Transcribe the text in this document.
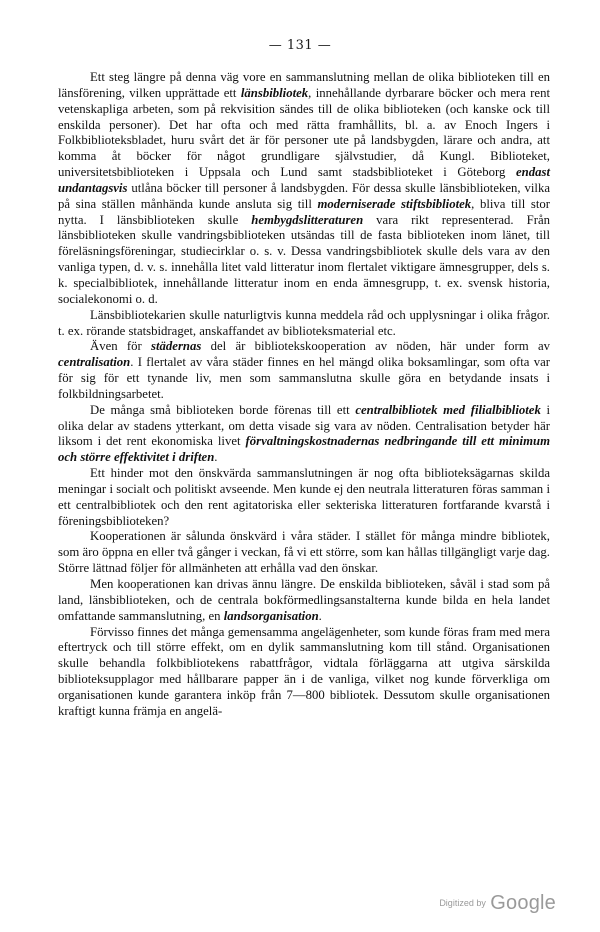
— 131 —

Ett steg längre på denna väg vore en sammanslutning mellan de olika biblioteken till en länsförening, vilken upprättade ett länsbibliotek, innehållande dyrbarare böcker och mera rent vetenskapliga arbeten, som på rekvisition sändes till de olika biblioteken (och kanske ock till enskilda personer). Det har ofta och med rätta framhållits, bl. a. av Enoch Ingers i Folkbiblioteksbladet, huru svårt det är för personer ute på landsbygden, lärare och andra, att komma åt böcker för något grundligare självstudier, då Kungl. Biblioteket, universitetsbiblioteken i Uppsala och Lund samt stadsbiblioteket i Göteborg endast undantagsvis utlåna böcker till personer å landsbygden. För dessa skulle länsbiblioteken, vilka på sina ställen månhända kunde ansluta sig till moderniserade stiftsbibliotek, bliva till stor nytta. I länsbiblioteken skulle hembygdslitteraturen vara rikt representerad. Från länsbiblioteken skulle vandringsbiblioteken utsändas till de fasta biblioteken inom länet, till föreläsningsföreningar, studiecirklar o. s. v. Dessa vandringsbibliotek skulle dels vara av den vanliga typen, d. v. s. innehålla litet vald litteratur inom flertalet viktigare ämnesgrupper, dels s. k. specialbibliotek, innehållande litteratur inom en enda ämnesgrupp, t. ex. svensk historia, socialekonomi o. d.

Länsbibliotekarien skulle naturligtvis kunna meddela råd och upplysningar i olika frågor. t. ex. rörande statsbidraget, anskaffandet av biblioteksmaterial etc.

Även för städernas del är bibliotekskooperation av nöden, här under form av centralisation. I flertalet av våra städer finnes en hel mängd olika boksamlingar, som ofta var för sig för ett tynande liv, men som sammanslutna skulle göra en betydande insats i folkbildningsarbetet.

De många små biblioteken borde förenas till ett centralbibliotek med filialbibliotek i olika delar av stadens ytterkant, om detta visade sig vara av nöden. Centralisation betyder här liksom i det rent ekonomiska livet förvaltningskostnadernas nedbringande till ett minimum och större effektivitet i driften.

Ett hinder mot den önskvärda sammanslutningen är nog ofta biblioteksägarnas skilda meningar i socialt och politiskt avseende. Men kunde ej den neutrala litteraturen föras samman i ett centralbibliotek och den rent agitatoriska eller sekteriska litteraturen fortfarande kvarstå i föreningsbiblioteken?

Kooperationen är sålunda önskvärd i våra städer. I stället för många mindre bibliotek, som äro öppna en eller två gånger i veckan, få vi ett större, som kan hållas tillgängligt varje dag. Större lättnad följer för allmänheten att erhålla vad den önskar.

Men kooperationen kan drivas ännu längre. De enskilda biblioteken, såväl i stad som på land, länsbiblioteken, och de centrala bokförmedlingsanstalterna kunde bilda en hela landet omfattande sammanslutning, en landsorganisation.

Förvisso finnes det många gemensamma angelägenheter, som kunde föras fram med mera eftertryck och till större effekt, om en dylik sammanslutning kom till stånd. Organisationen skulle behandla folkbibliotekens rabattfrågor, vidtala förläggarna att utgiva särskilda biblioteksupplagor med hållbarare papper än i de vanliga, vilket nog kunde förverkliga om organisationen kunde garantera inköp från 7—800 bibliotek. Dessutom skulle organisationen kraftigt kunna främja en angelä-

Digitized by Google
